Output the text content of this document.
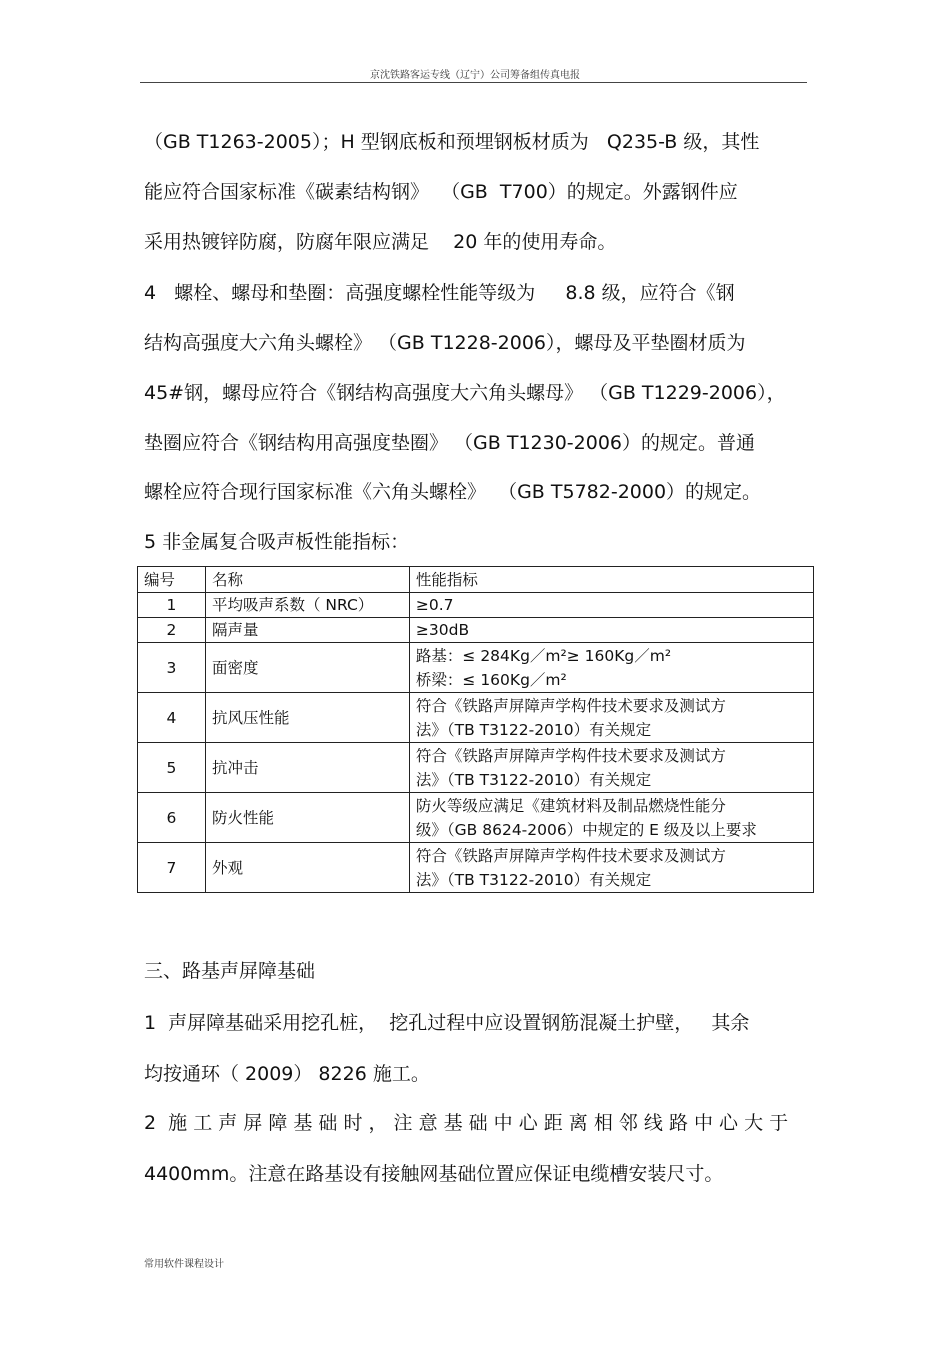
京沈铁路客运专线（辽宁）公司筹备组传真电报
编号	名称	性能指标
1	平均吸声系数（ NRC）	≥0.7

2	隔声量	≥30dB

3	面密度	路基：≤ 284Kg／m²≥ 160Kg／m²
桥梁：≤ 160Kg／m²

4	抗风压性能	符合《铁路声屏障声学构件技术要求及测试方
法》（TB T3122-2010）有关规定

5	抗冲击	符合《铁路声屏障声学构件技术要求及测试方
法》（TB T3122-2010）有关规定

6	防火性能	防火等级应满足《建筑材料及制品燃烧性能分
级》（GB 8624-2006）中规定的 E 级及以上要求

7	外观	符合《铁路声屏障声学构件技术要求及测试方
法》（TB T3122-2010）有关规定
常用软件课程设计
（GB T1263-2005）；H 型钢底板和预埋钢板材质为   Q235-B 级，其性
能应符合国家标准《碳素结构钢》  （GB  T700）的规定。外露钢件应
采用热镀锌防腐，防腐年限应满足    20 年的使用寿命。
4   螺栓、螺母和垫圈：高强度螺栓性能等级为     8.8 级，应符合《钢
结构高强度大六角头螺栓》 （GB T1228-2006），螺母及平垫圈材质为
45#钢，螺母应符合《钢结构高强度大六角头螺母》 （GB T1229-2006），
垫圈应符合《钢结构用高强度垫圈》 （GB T1230-2006）的规定。普通
螺栓应符合现行国家标准《六角头螺栓》  （GB T5782-2000）的规定。
5 非金属复合吸声板性能指标：
三、路基声屏障基础
1  声屏障基础采用挖孔桩，  挖孔过程中应设置钢筋混凝土护壁，   其余
均按通环（ 2009） 8226 施工。
2  施 工 声 屏 障 基 础 时 ， 注 意 基 础 中 心 距 离 相 邻 线 路 中 心 大 于
4400mm。注意在路基设有接触网基础位置应保证电缆槽安装尺寸。
